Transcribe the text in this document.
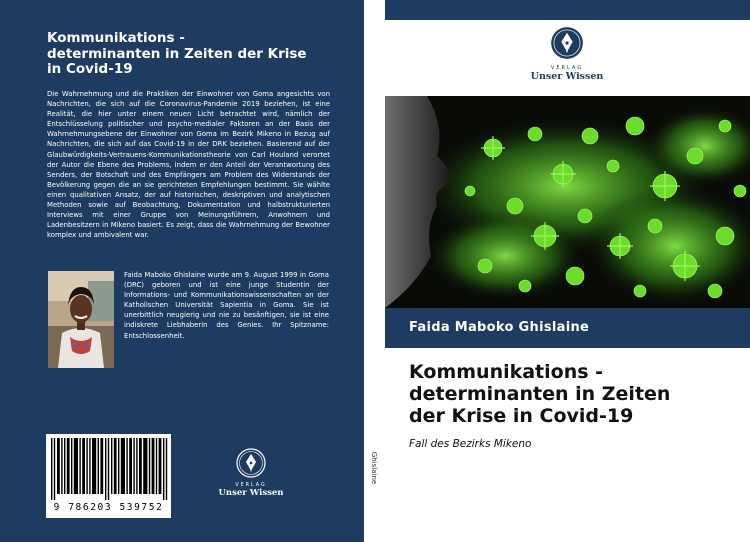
Kommunikations -
determinanten in Zeiten der Krise
in Covid-19

Die Wahrnehmung und die Praktiken der Einwohner von Goma angesichts von Nachrichten, die sich auf die Coronavirus-Pandemie 2019 beziehen, ist eine Realität, die hier unter einem neuen Licht betrachtet wird, nämlich der Entschlüsselung politischer und psycho-medialer Faktoren an der Basis der Wahrnehmungsebene der Einwohner von Goma im Bezirk Mikeno in Bezug auf Nachrichten, die sich auf das Covid-19 in der DRK beziehen. Basierend auf der Glaubwürdigkeits-Vertrauens-Kommunikationstheorie von Carl Houland verortet der Autor die Ebene des Problems, indem er den Anteil der Verantwortung des Senders, der Botschaft und des Empfängers am Problem des Widerstands der Bevölkerung gegen die an sie gerichteten Empfehlungen bestimmt. Sie wählte einen qualitativen Ansatz, der auf historischen, deskriptiven und analytischen Methoden sowie auf Beobachtung, Dokumentation und halbstrukturierten Interviews mit einer Gruppe von Meinungsführern, Anwohnern und Ladenbesitzern in Mikeno basiert. Es zeigt, dass die Wahrnehmung der Bewohner komplex und ambivalent war.

Faida Maboko Ghislaine wurde am 9. August 1999 in Goma (DRC) geboren und ist eine junge Studentin der Informations- und Kommunikationswissenschaften an der Katholischen Universität Sapientia in Goma. Sie ist unerbittlich neugierig und nie zu besänftigen, sie ist eine indiskrete Liebhaberin des Genies. Ihr Spitzname: Entschlossenheit.

9 786203 539752
VERLAG
Unser Wissen
Ghislaine
VERLAG
Unser Wissen
Faida Maboko Ghislaine
Kommunikations -
determinanten in Zeiten
der Krise in Covid-19
Fall des Bezirks Mikeno
